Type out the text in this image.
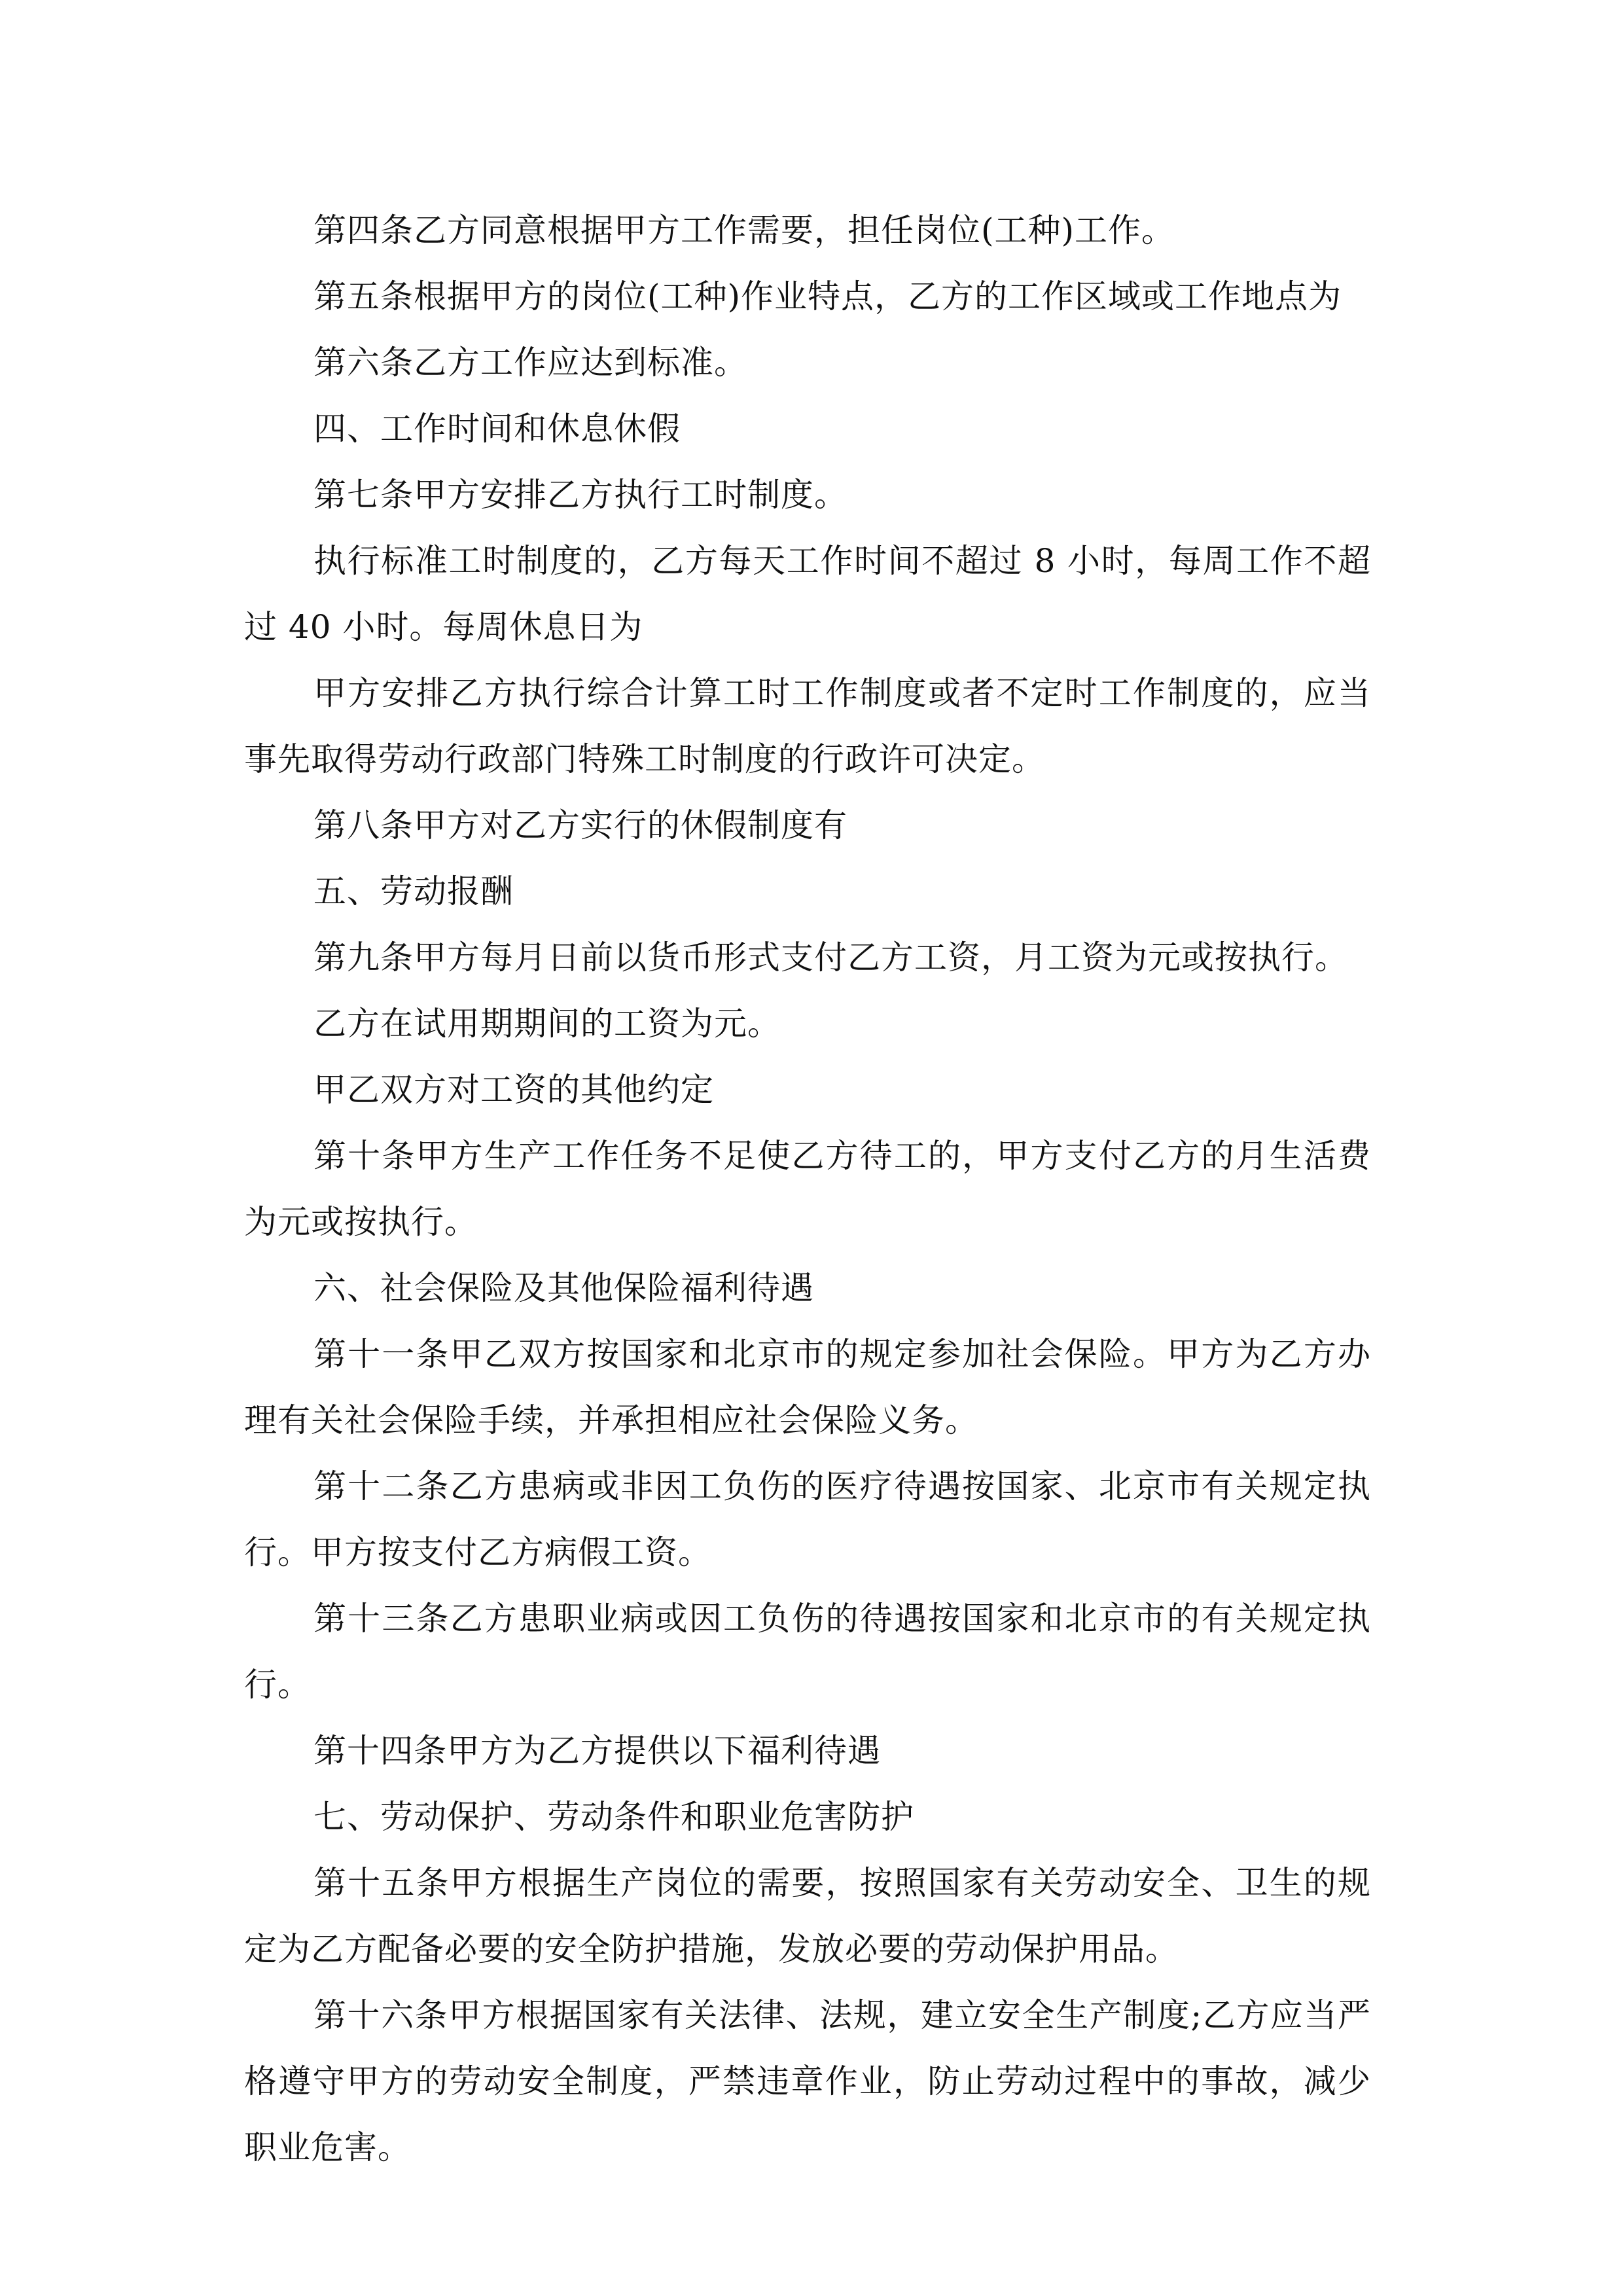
第四条乙方同意根据甲方工作需要，担任岗位(工种)工作。

第五条根据甲方的岗位(工种)作业特点，乙方的工作区域或工作地点为

第六条乙方工作应达到标准。

四、工作时间和休息休假

第七条甲方安排乙方执行工时制度。

执行标准工时制度的，乙方每天工作时间不超过 8 小时，每周工作不超过 40 小时。每周休息日为

甲方安排乙方执行综合计算工时工作制度或者不定时工作制度的，应当事先取得劳动行政部门特殊工时制度的行政许可决定。

第八条甲方对乙方实行的休假制度有

五、劳动报酬

第九条甲方每月日前以货币形式支付乙方工资，月工资为元或按执行。

乙方在试用期期间的工资为元。

甲乙双方对工资的其他约定

第十条甲方生产工作任务不足使乙方待工的，甲方支付乙方的月生活费为元或按执行。

六、社会保险及其他保险福利待遇

第十一条甲乙双方按国家和北京市的规定参加社会保险。甲方为乙方办理有关社会保险手续，并承担相应社会保险义务。

第十二条乙方患病或非因工负伤的医疗待遇按国家、北京市有关规定执行。甲方按支付乙方病假工资。

第十三条乙方患职业病或因工负伤的待遇按国家和北京市的有关规定执行。

第十四条甲方为乙方提供以下福利待遇

七、劳动保护、劳动条件和职业危害防护

第十五条甲方根据生产岗位的需要，按照国家有关劳动安全、卫生的规定为乙方配备必要的安全防护措施，发放必要的劳动保护用品。

第十六条甲方根据国家有关法律、法规，建立安全生产制度;乙方应当严格遵守甲方的劳动安全制度，严禁违章作业，防止劳动过程中的事故，减少职业危害。
